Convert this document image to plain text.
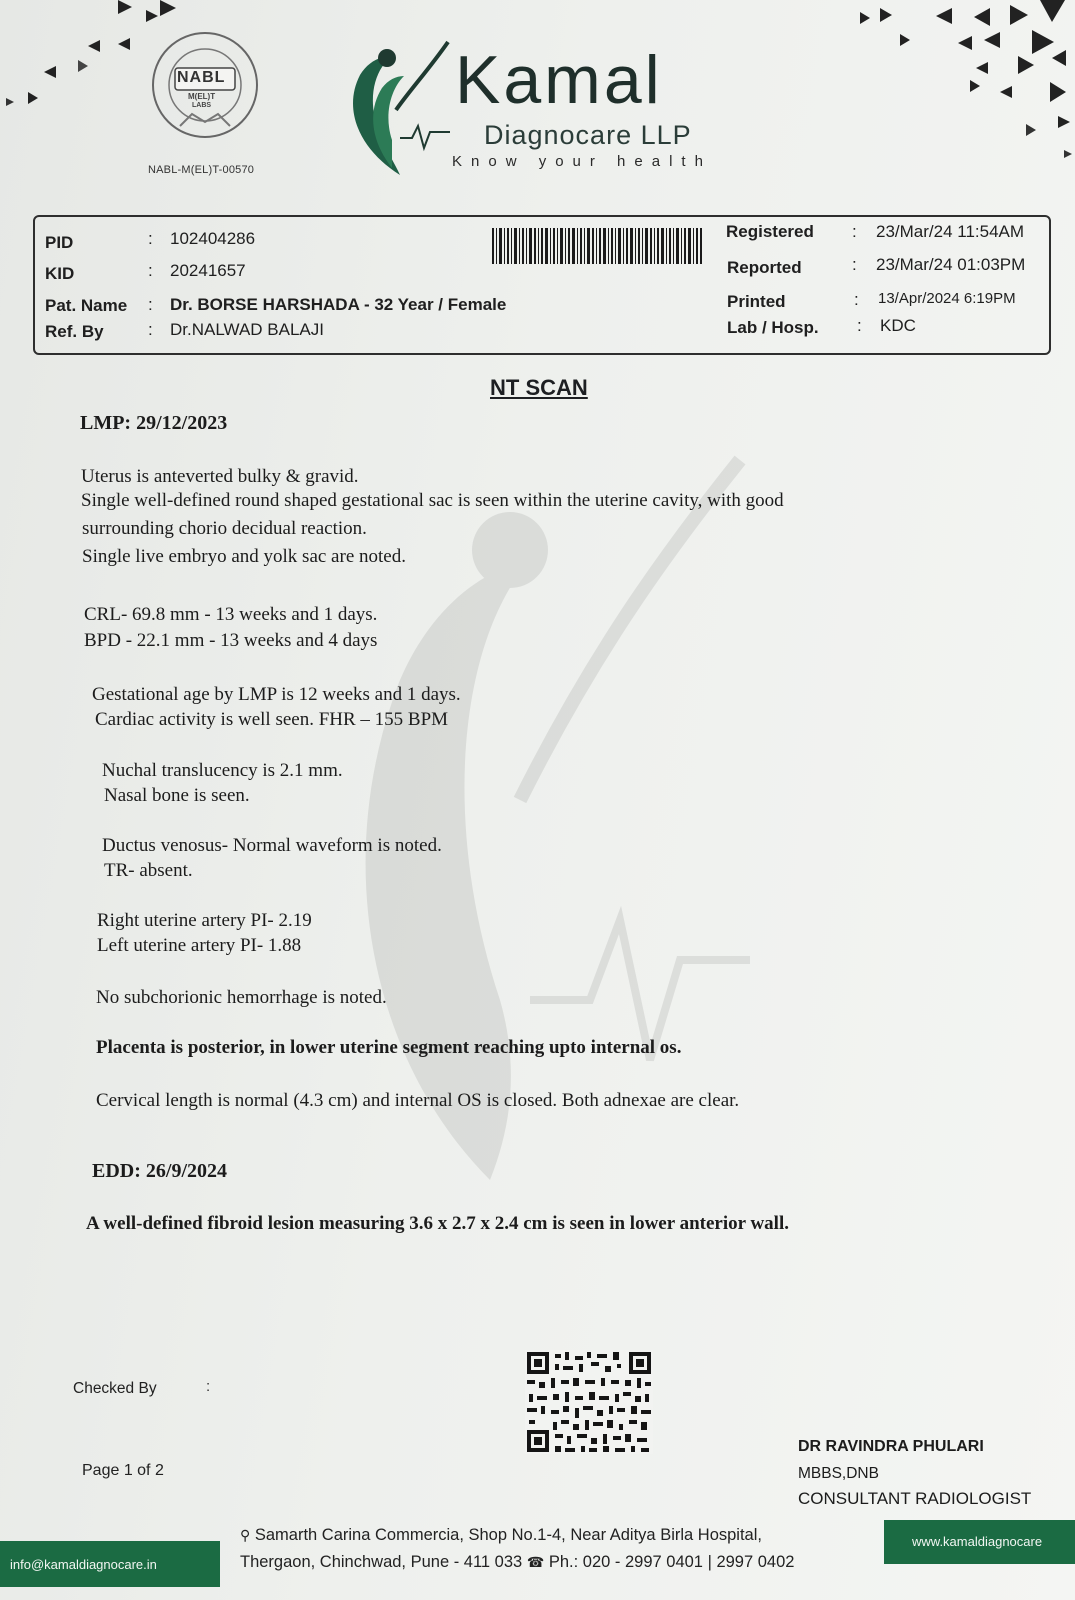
NABL
M(EL)T
LABS
NABL-M(EL)T-00570
Kamal
Diagnocare LLP
Know your health
PID	: 102404286
KID	: 20241657
Pat. Name : Dr. BORSE HARSHADA - 32 Year / Female
Ref. By	: Dr.NALWAD BALAJI
Registered : 23/Mar/24 11:54AM
Reported	: 23/Mar/24 01:03PM
Printed	: 13/Apr/2024 6:19PM
Lab / Hosp. : KDC
NT SCAN
LMP: 29/12/2023
Uterus is anteverted bulky & gravid.
Single well-defined round shaped gestational sac is seen within the uterine cavity, with good
surrounding chorio decidual reaction.
Single live embryo and yolk sac are noted.
CRL- 69.8 mm - 13 weeks and 1 days.
BPD - 22.1 mm - 13 weeks and 4 days
Gestational age by LMP is 12 weeks and 1 days.
Cardiac activity is well seen. FHR – 155 BPM
Nuchal translucency is 2.1 mm.
Nasal bone is seen.
Ductus venosus- Normal waveform is noted.
TR- absent.
Right uterine artery PI- 2.19
Left uterine artery PI- 1.88
No subchorionic hemorrhage is noted.
Placenta is posterior, in lower uterine segment reaching upto internal os.
Cervical length is normal (4.3 cm) and internal OS is closed. Both adnexae are clear.
EDD: 26/9/2024
A well-defined fibroid lesion measuring 3.6 x 2.7 x 2.4 cm is seen in lower anterior wall.
Checked By	:
Page 1 of 2
DR RAVINDRA PHULARI
MBBS,DNB
CONSULTANT RADIOLOGIST
info@kamaldiagnocare.in
www.kamaldiagnocare
⚲ Samarth Carina Commercia, Shop No.1-4, Near Aditya Birla Hospital,
Thergaon, Chinchwad, Pune - 411 033 ☎ Ph.: 020 - 2997 0401 | 2997 0402
